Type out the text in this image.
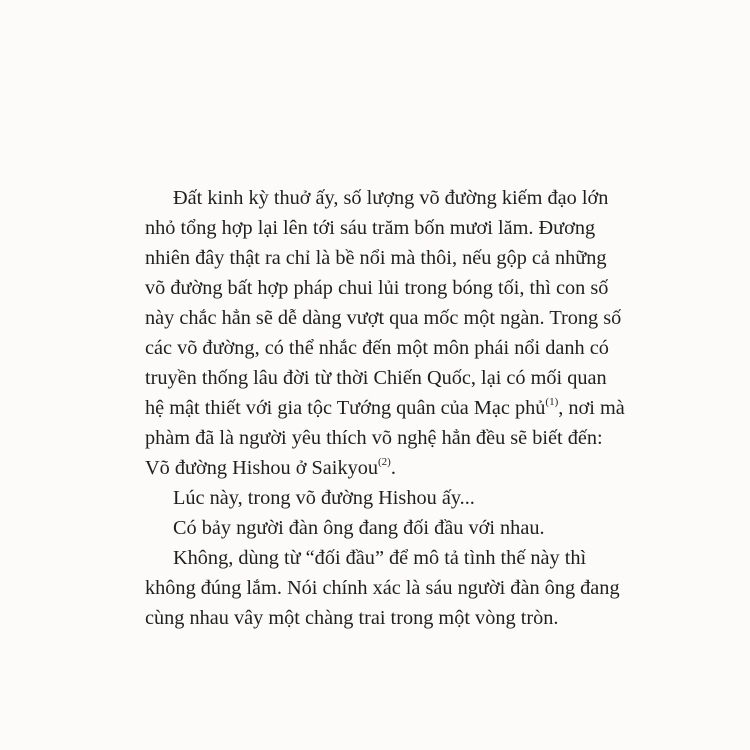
Đất kinh kỳ thuở ấy, số lượng võ đường kiếm đạo lớn
nhỏ tổng hợp lại lên tới sáu trăm bốn mươi lăm. Đương
nhiên đây thật ra chỉ là bề nổi mà thôi, nếu gộp cả những
võ đường bất hợp pháp chui lủi trong bóng tối, thì con số
này chắc hẳn sẽ dễ dàng vượt qua mốc một ngàn. Trong số
các võ đường, có thể nhắc đến một môn phái nổi danh có
truyền thống lâu đời từ thời Chiến Quốc, lại có mối quan
hệ mật thiết với gia tộc Tướng quân của Mạc phủ$^{(1)}$, nơi mà
phàm đã là người yêu thích võ nghệ hẳn đều sẽ biết đến:
Võ đường Hishou ở Saikyou$^{(2)}$.
Lúc này, trong võ đường Hishou ấy...
Có bảy người đàn ông đang đối đầu với nhau.
Không, dùng từ “đối đầu” để mô tả tình thế này thì
không đúng lắm. Nói chính xác là sáu người đàn ông đang
cùng nhau vây một chàng trai trong một vòng tròn.
